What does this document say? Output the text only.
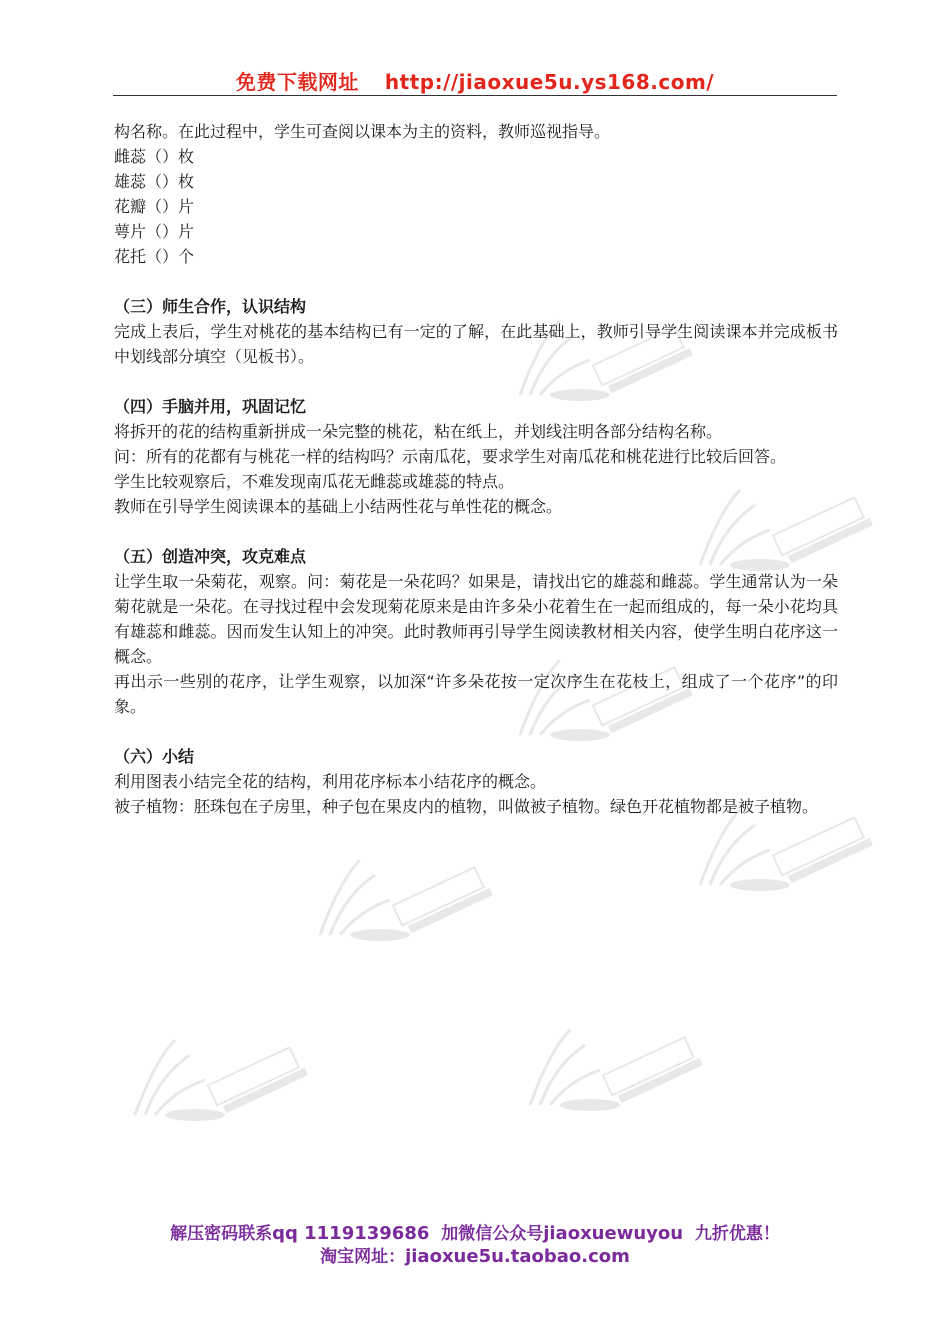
免费下载网址 http://jiaoxue5u.ys168.com/

构名称。在此过程中，学生可查阅以课本为主的资料，教师巡视指导。

雌蕊（）枚

雄蕊（）枚

花瓣（）片

萼片（）片

花托（）个

（三）师生合作，认识结构

完成上表后，学生对桃花的基本结构已有一定的了解，在此基础上，教师引导学生阅读课本并完成板书中划线部分填空（见板书）。

（四）手脑并用，巩固记忆

将拆开的花的结构重新拼成一朵完整的桃花，粘在纸上，并划线注明各部分结构名称。

问：所有的花都有与桃花一样的结构吗？示南瓜花，要求学生对南瓜花和桃花进行比较后回答。

学生比较观察后，不难发现南瓜花无雌蕊或雄蕊的特点。

教师在引导学生阅读课本的基础上小结两性花与单性花的概念。

（五）创造冲突，攻克难点

让学生取一朵菊花，观察。问：菊花是一朵花吗？如果是，请找出它的雄蕊和雌蕊。学生通常认为一朵菊花就是一朵花。在寻找过程中会发现菊花原来是由许多朵小花着生在一起而组成的，每一朵小花均具有雄蕊和雌蕊。因而发生认知上的冲突。此时教师再引导学生阅读教材相关内容，使学生明白花序这一概念。

再出示一些别的花序，让学生观察，以加深“许多朵花按一定次序生在花枝上，组成了一个花序”的印象。

（六）小结

利用图表小结完全花的结构，利用花序标本小结花序的概念。

被子植物：胚珠包在子房里，种子包在果皮内的植物，叫做被子植物。绿色开花植物都是被子植物。

解压密码联系qq 1119139686 加微信公众号jiaoxuewuyou 九折优惠！
淘宝网址：jiaoxue5u.taobao.com
